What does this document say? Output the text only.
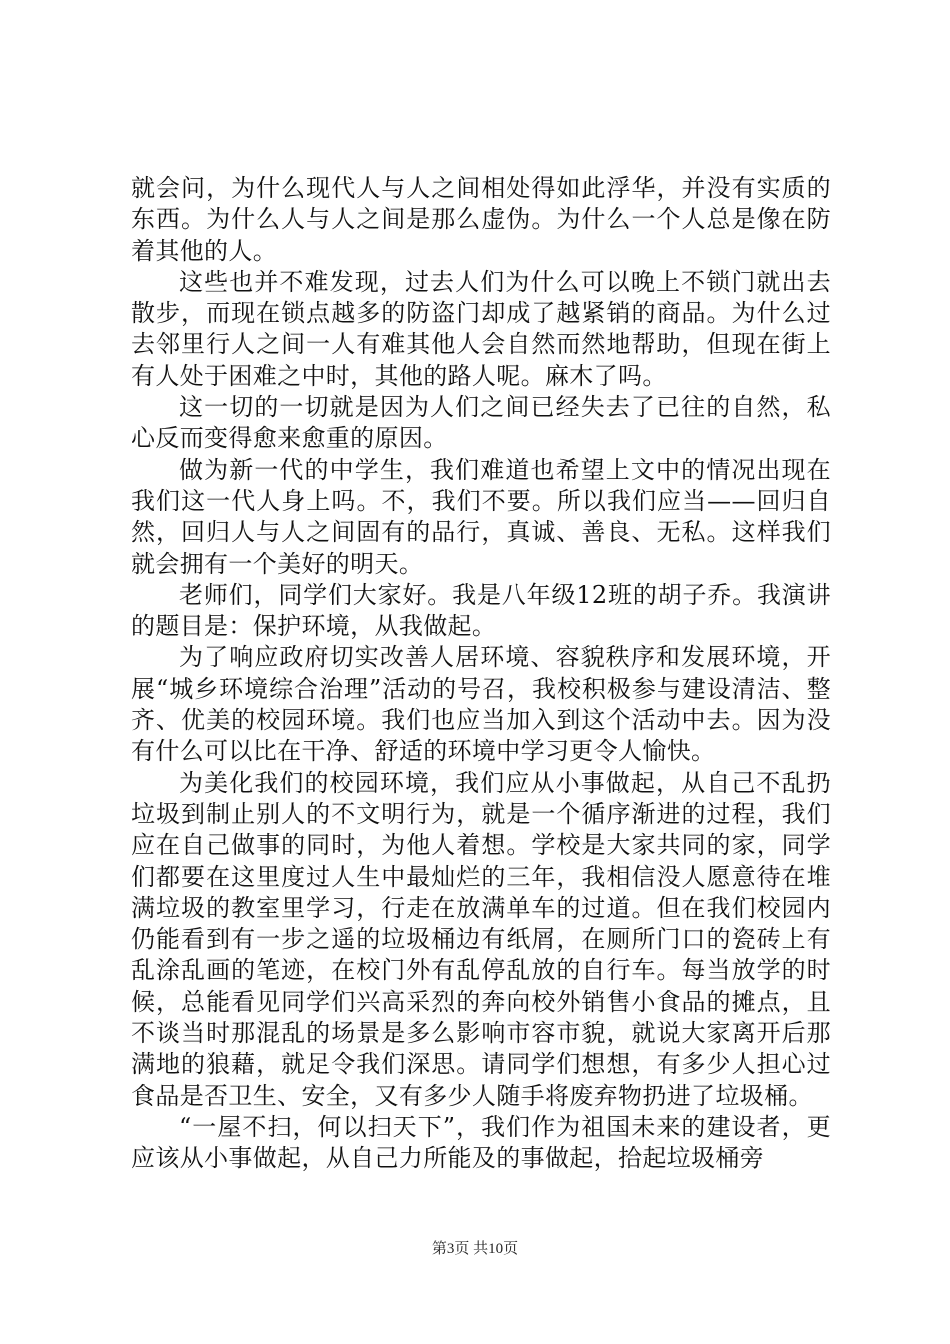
就会问，为什么现代人与人之间相处得如此浮华，并没有实质的东西。为什么人与人之间是那么虚伪。为什么一个人总是像在防着其他的人。

这些也并不难发现，过去人们为什么可以晚上不锁门就出去散步，而现在锁点越多的防盗门却成了越紧销的商品。为什么过去邻里行人之间一人有难其他人会自然而然地帮助，但现在街上有人处于困难之中时，其他的路人呢。麻木了吗。

这一切的一切就是因为人们之间已经失去了已往的自然，私心反而变得愈来愈重的原因。

做为新一代的中学生，我们难道也希望上文中的情况出现在我们这一代人身上吗。不，我们不要。所以我们应当——回归自然，回归人与人之间固有的品行，真诚、善良、无私。这样我们就会拥有一个美好的明天。

老师们，同学们大家好。我是八年级12班的胡子乔。我演讲的题目是：保护环境，从我做起。

为了响应政府切实改善人居环境、容貌秩序和发展环境，开展“城乡环境综合治理”活动的号召，我校积极参与建设清洁、整齐、优美的校园环境。我们也应当加入到这个活动中去。因为没有什么可以比在干净、舒适的环境中学习更令人愉快。

为美化我们的校园环境，我们应从小事做起，从自己不乱扔垃圾到制止别人的不文明行为，就是一个循序渐进的过程，我们应在自己做事的同时，为他人着想。学校是大家共同的家，同学们都要在这里度过人生中最灿烂的三年，我相信没人愿意待在堆满垃圾的教室里学习，行走在放满单车的过道。但在我们校园内仍能看到有一步之遥的垃圾桶边有纸屑，在厕所门口的瓷砖上有乱涂乱画的笔迹，在校门外有乱停乱放的自行车。每当放学的时候，总能看见同学们兴高采烈的奔向校外销售小食品的摊点，且不谈当时那混乱的场景是多么影响市容市貌，就说大家离开后那满地的狼藉，就足令我们深思。请同学们想想，有多少人担心过食品是否卫生、安全，又有多少人随手将废弃物扔进了垃圾桶。

“一屋不扫，何以扫天下”，我们作为祖国未来的建设者，更应该从小事做起，从自己力所能及的事做起，拾起垃圾桶旁

第3页 共10页
